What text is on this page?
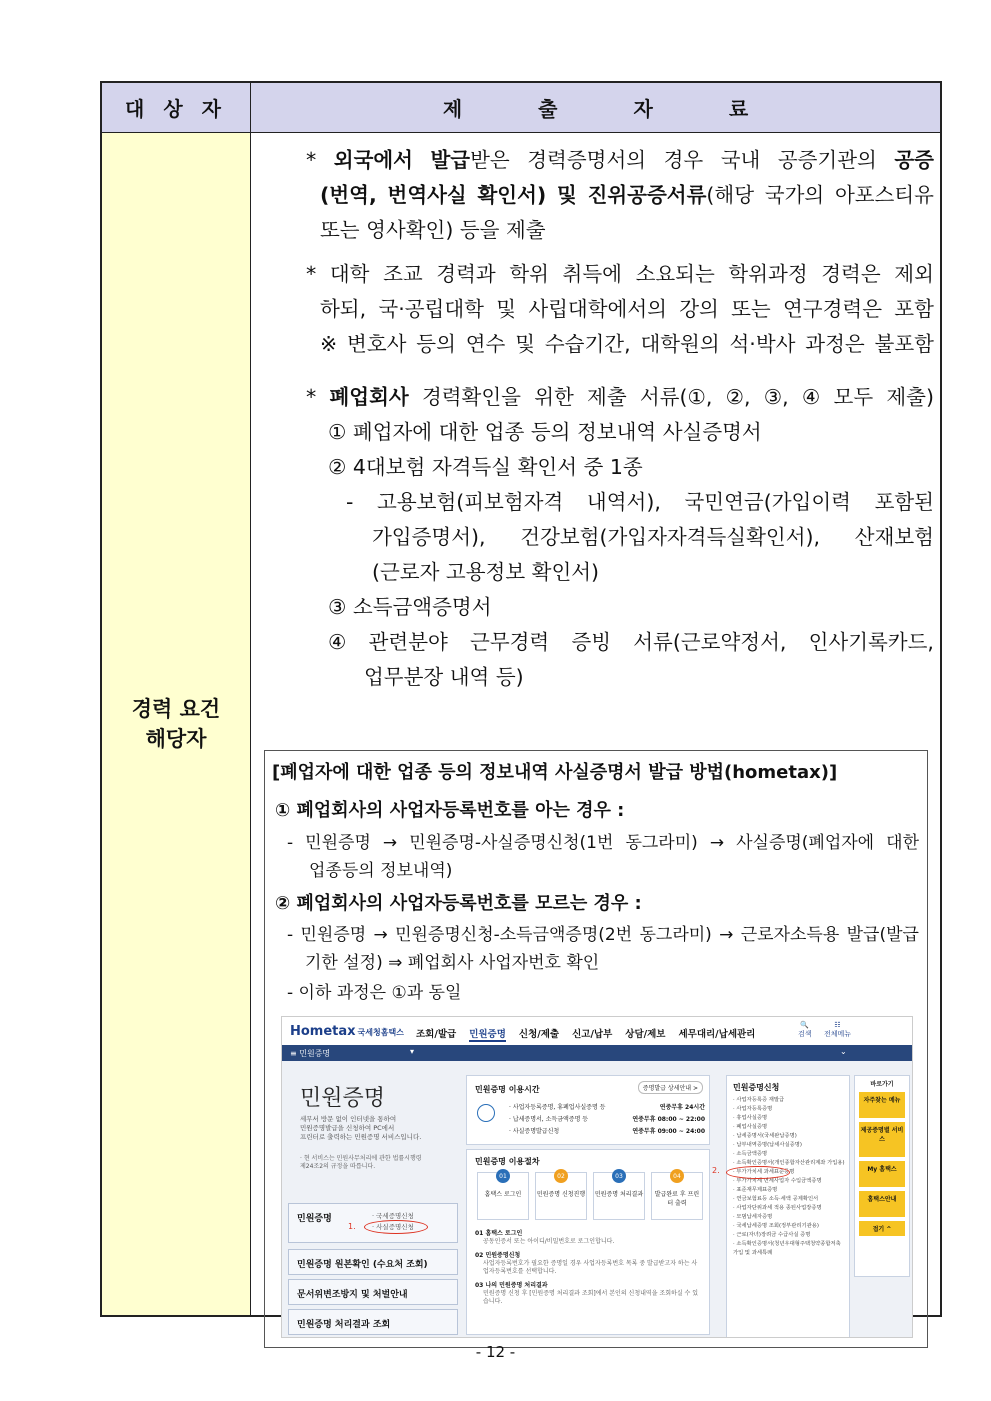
대 상 자	제	출	자	료
경력 요건
해당자
* 외국에서 발급받은 경력증명서의 경우 국내 공증기관의 공증
(번역, 번역사실 확인서) 및 진위공증서류(해당 국가의 아포스티유
또는 영사확인) 등을 제출
* 대학 조교 경력과 학위 취득에 소요되는 학위과정 경력은 제외
하되, 국·공립대학 및 사립대학에서의 강의 또는 연구경력은 포함
※ 변호사 등의 연수 및 수습기간, 대학원의 석·박사 과정은 불포함
* 폐업회사 경력확인을 위한 제출 서류(①, ②, ③, ④ 모두 제출)
① 폐업자에 대한 업종 등의 정보내역 사실증명서
② 4대보험 자격득실 확인서 중 1종
- 고용보험(피보험자격 내역서), 국민연금(가입이력 포함된
가입증명서), 건강보험(가입자자격득실확인서), 산재보험
(근로자 고용정보 확인서)
③ 소득금액증명서
④ 관련분야 근무경력 증빙 서류(근로약정서, 인사기록카드,
업무분장 내역 등)
[폐업자에 대한 업종 등의 정보내역 사실증명서 발급 방법(hometax)]
① 폐업회사의 사업자등록번호를 아는 경우 :
- 민원증명 → 민원증명-사실증명신청(1번 동그라미) → 사실증명(폐업자에 대한
업종등의 정보내역)
② 폐업회사의 사업자등록번호를 모르는 경우 :
- 민원증명 → 민원증명신청-소득금액증명(2번 동그라미) → 근로자소득용 발급(발급
기한 설정) ⇒ 폐업회사 사업자번호 확인
- 이하 과정은 ①과 동일
Hometax 국세청홈택스 조회/발급 민원증명 신청/제출 신고/납부 상담/제보 세무대리/납세관리
🔍
검색
☷
전체메뉴
≡ 민원증명	▾	⌄
민원증명
세무서 방문 없이 인터넷을 통하여
민원증명발급을 신청하여 PC에서
프린터로 출력하는 민원증명 서비스입니다.
· 현 서비스는 민원사무처리에 관한 법률시행령
제24조2의 규정을 따릅니다.
민원증명	· 국세증명신청
· 사실증명신청
1.
민원증명 원본확인 (수요처 조회)
문서위변조방지 및 처벌안내
민원증명 처리결과 조회
민원증명 이용시간	증명발급 상세안내 >
· 사업자등록증명, 휴폐업사실증명 등	연중무휴 24시간
· 납세증명서, 소득금액증명 등	연중무휴 08:00 ~ 22:00
· 사실증명발급신청	연중무휴 09:00 ~ 24:00
민원증명 이용절차
01
홈택스 로그인
02
민원증명 신청진행
03
민원증명 처리결과
04
발급완료 후 프린터 출력
01 홈택스 로그인
공동인증서 또는 아이디/비밀번호로 로그인합니다.
02 민원증명신청
사업자등록번호가 필요한 증명일 경우 사업자등록번호 목록 중 발급받고자 하는 사업자등록번호를 선택합니다.
03 나의 민원증명 처리결과
민원증명 신청 후 [민원증명 처리결과 조회]에서 본인의 신청내역을 조회하실 수 있습니다.
민원증명신청
· 사업자등록증 재발급
· 사업자등록증명
· 휴업사실증명
· 폐업사실증명
· 납세증명서(국세완납증명)
· 납부내역증명(납세사실증명)
· 소득금액증명
· 소득확인증명서(개인종합자산관리계좌 가입용)
· 부가가치세 과세표준증명
· 부가가치세 면세사업자 수입금액증명
· 표준재무제표증명
· 연금보험료등 소득·세액 공제확인서
· 사업자단위과세 적용 종된사업장증명
· 모범납세자증명
· 국세납세증명 조회(정부관리기관용)
· 근로(자녀)장려금 수급사실 증명
· 소득확인증명서(청년우대형주택청약종합저축 가입 및 과세특례
2.
바로가기
자주찾는 메뉴
제공증명별 서비스
My 홈택스
홈택스안내
접기 ^
- 12 -
